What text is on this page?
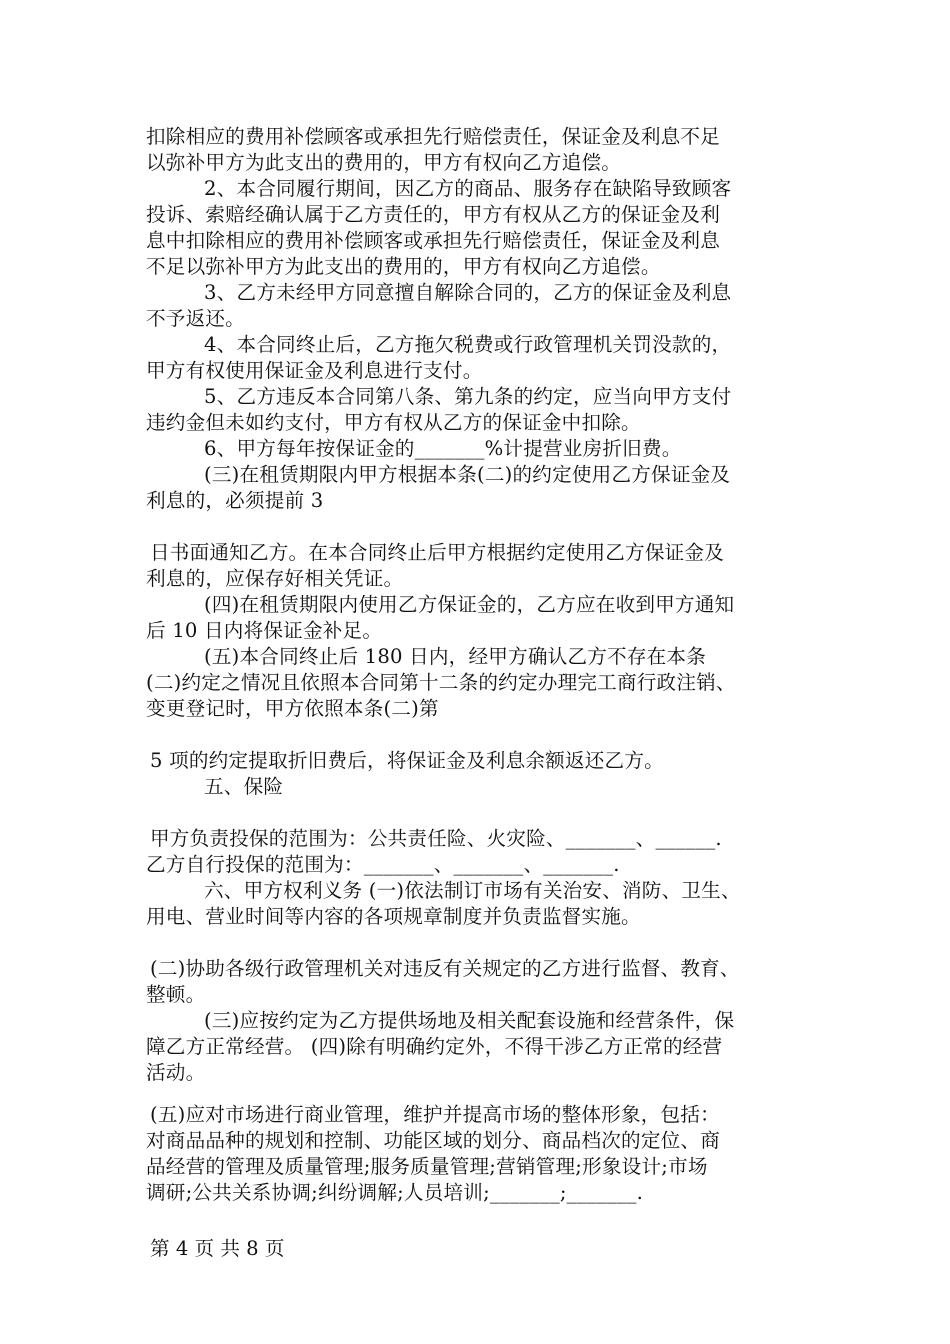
扣除相应的费用补偿顾客或承担先行赔偿责任，保证金及利息不足
以弥补甲方为此支出的费用的，甲方有权向乙方追偿。
2、本合同履行期间，因乙方的商品、服务存在缺陷导致顾客
投诉、索赔经确认属于乙方责任的，甲方有权从乙方的保证金及利
息中扣除相应的费用补偿顾客或承担先行赔偿责任，保证金及利息
不足以弥补甲方为此支出的费用的，甲方有权向乙方追偿。
3、乙方未经甲方同意擅自解除合同的，乙方的保证金及利息
不予返还。
4、本合同终止后，乙方拖欠税费或行政管理机关罚没款的，
甲方有权使用保证金及利息进行支付。
5、乙方违反本合同第八条、第九条的约定，应当向甲方支付
违约金但未如约支付，甲方有权从乙方的保证金中扣除。
6、甲方每年按保证金的_______%计提营业房折旧费。
(三)在租赁期限内甲方根据本条(二)的约定使用乙方保证金及
利息的，必须提前 3
日书面通知乙方。在本合同终止后甲方根据约定使用乙方保证金及
利息的，应保存好相关凭证。
(四)在租赁期限内使用乙方保证金的，乙方应在收到甲方通知
后 10 日内将保证金补足。
(五)本合同终止后 180 日内，经甲方确认乙方不存在本条
(二)约定之情况且依照本合同第十二条的约定办理完工商行政注销、
变更登记时，甲方依照本条(二)第
5 项的约定提取折旧费后，将保证金及利息余额返还乙方。
五、保险
甲方负责投保的范围为：公共责任险、火灾险、_______、______.
乙方自行投保的范围为：_______、_______、_______.
六、甲方权利义务 (一)依法制订市场有关治安、消防、卫生、
用电、营业时间等内容的各项规章制度并负责监督实施。
(二)协助各级行政管理机关对违反有关规定的乙方进行监督、教育、
整顿。
(三)应按约定为乙方提供场地及相关配套设施和经营条件，保
障乙方正常经营。 (四)除有明确约定外，不得干涉乙方正常的经营
活动。
(五)应对市场进行商业管理，维护并提高市场的整体形象，包括：
对商品品种的规划和控制、功能区域的划分、商品档次的定位、商
品经营的管理及质量管理;服务质量管理;营销管理;形象设计;市场
调研;公共关系协调;纠纷调解;人员培训;_______;_______.
第 4 页 共 8 页
